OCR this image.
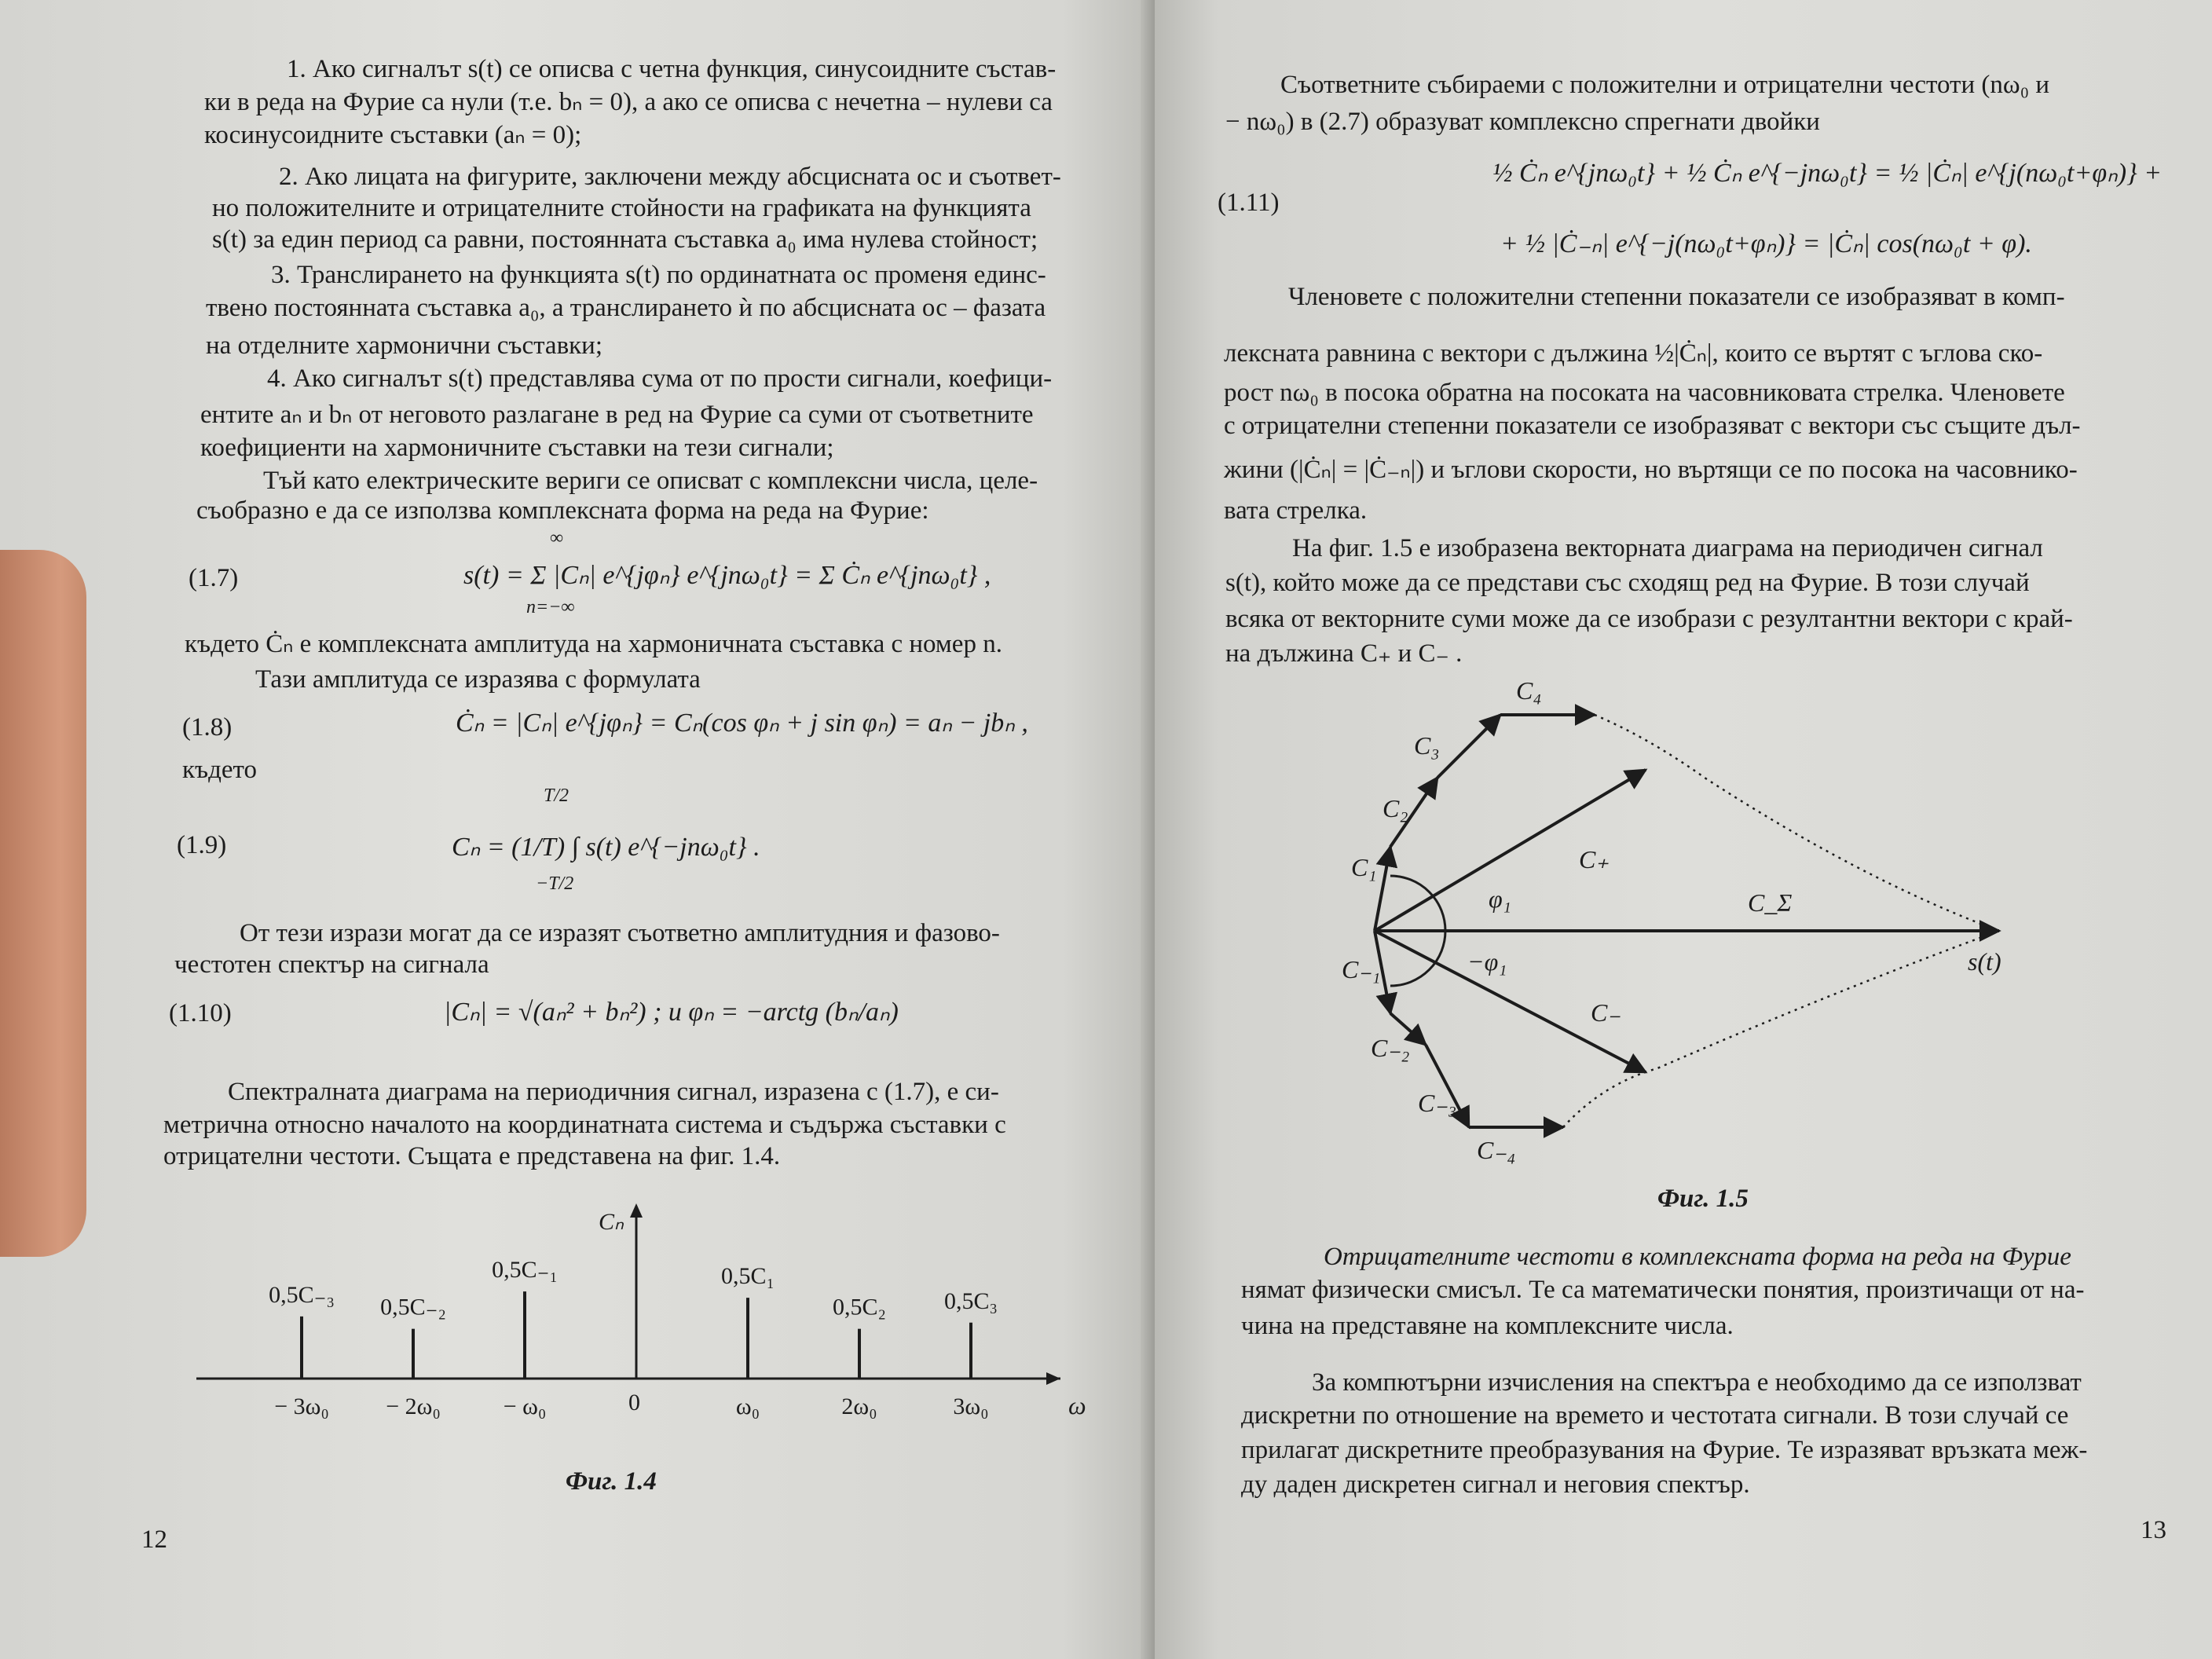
1. Ако сигналът s(t) се описва с четна функция, синусоидните състав-
ки в реда на Фурие са нули (т.е. bₙ = 0), а ако се описва с нечетна – нулеви са
косинусоидните съставки (aₙ = 0);
2. Ако лицата на фигурите, заключени между абсцисната ос и съответ-
но положителните и отрицателните стойности на графиката на функцията
s(t) за един период са равни, постоянната съставка a₀ има нулева стойност;
3. Транслирането на функцията s(t) по ординатната ос променя единс-
твено постоянната съставка a₀, а транслирането ѝ по абсцисната ос – фазата
на отделните хармонични съставки;
4. Ако сигналът s(t) представлява сума от по прости сигнали, коефици-
ентите aₙ и bₙ от неговото разлагане в ред на Фурие са суми от съответните
коефициенти на хармоничните съставки на тези сигнали;
Тъй като електрическите вериги се описват с комплексни числа, целе-
съобразно е да се използва комплексната форма на реда на Фурие:
(1.7)	s(t) = Σ |Cₙ| e^{jφₙ} e^{jnω₀t} = Σ Ċₙ e^{jnω₀t} ,
∞
n=−∞
където Ċₙ е комплексната амплитуда на хармоничната съставка с номер n.
Тази амплитуда се изразява с формулата
(1.8)	Ċₙ = |Cₙ| e^{jφₙ} = Cₙ(cos φₙ + j sin φₙ) = aₙ − jbₙ ,
където
(1.9)	Cₙ = (1/T) ∫ s(t) e^{−jnω₀t} .
T/2
−T/2
От тези изрази могат да се изразят съответно амплитудния и фазово-
честотен спектър на сигнала
(1.10)	|Cₙ| = √(aₙ² + bₙ²) ; и φₙ = −arctg (bₙ/aₙ)
Спектралната диаграма на периодичния сигнал, изразена с (1.7), е си-
метрична относно началото на координатната система и съдържа съставки с
отрицателни честоти. Същата е представена на фиг. 1.4.
Cₙ
ω
0
0,5C₋₃
− 3ω₀
0,5C₋₂
− 2ω₀
0,5C₋₁
− ω₀
0,5C₁
ω₀
0,5C₂
2ω₀
0,5C₃
3ω₀
Фиг. 1.4
12
Съответните събираеми с положителни и отрицателни честоти (nω₀ и
− nω₀) в (2.7) образуват комплексно спрегнати двойки
(1.11)
½ Ċₙ e^{jnω₀t} + ½ Ċₙ e^{−jnω₀t} = ½ |Ċₙ| e^{j(nω₀t+φₙ)} +
+ ½ |Ċ₋ₙ| e^{−j(nω₀t+φₙ)} = |Ċₙ| cos(nω₀t + φ).
Членовете с положителни степенни показатели се изобразяват в комп-
лексната равнина с вектори с дължина ½|Ċₙ|, които се въртят с ъглова ско-
рост nω₀ в посока обратна на посоката на часовниковата стрелка. Членовете
с отрицателни степенни показатели се изобразяват с вектори със същите дъл-
жини (|Ċₙ| = |Ċ₋ₙ|) и ъглови скорости, но въртящи се по посока на часовнико-
вата стрелка.
На фиг. 1.5 е изобразена векторната диаграма на периодичен сигнал
s(t), който може да се представи със сходящ ред на Фурие. В този случай
всяка от векторните суми може да се изобрази с резултантни вектори с край-
на дължина C₊ и C₋ .
C₄
C₃
C₂
C₊
C₁
φ₁	C_Σ
s(t)
C₋₁	−φ₁
C₋
C₋₂
C₋₃
C₋₄
Фиг. 1.5
Отрицателните честоти в комплексната форма на реда на Фурие
нямат физически смисъл. Те са математически понятия, произтичащи от на-
чина на представяне на комплексните числа.
За компютърни изчисления на спектъра е необходимо да се използват
дискретни по отношение на времето и честотата сигнали. В този случай се
прилагат дискретните преобразувания на Фурие. Те изразяват връзката меж-
ду даден дискретен сигнал и неговия спектър.
13
